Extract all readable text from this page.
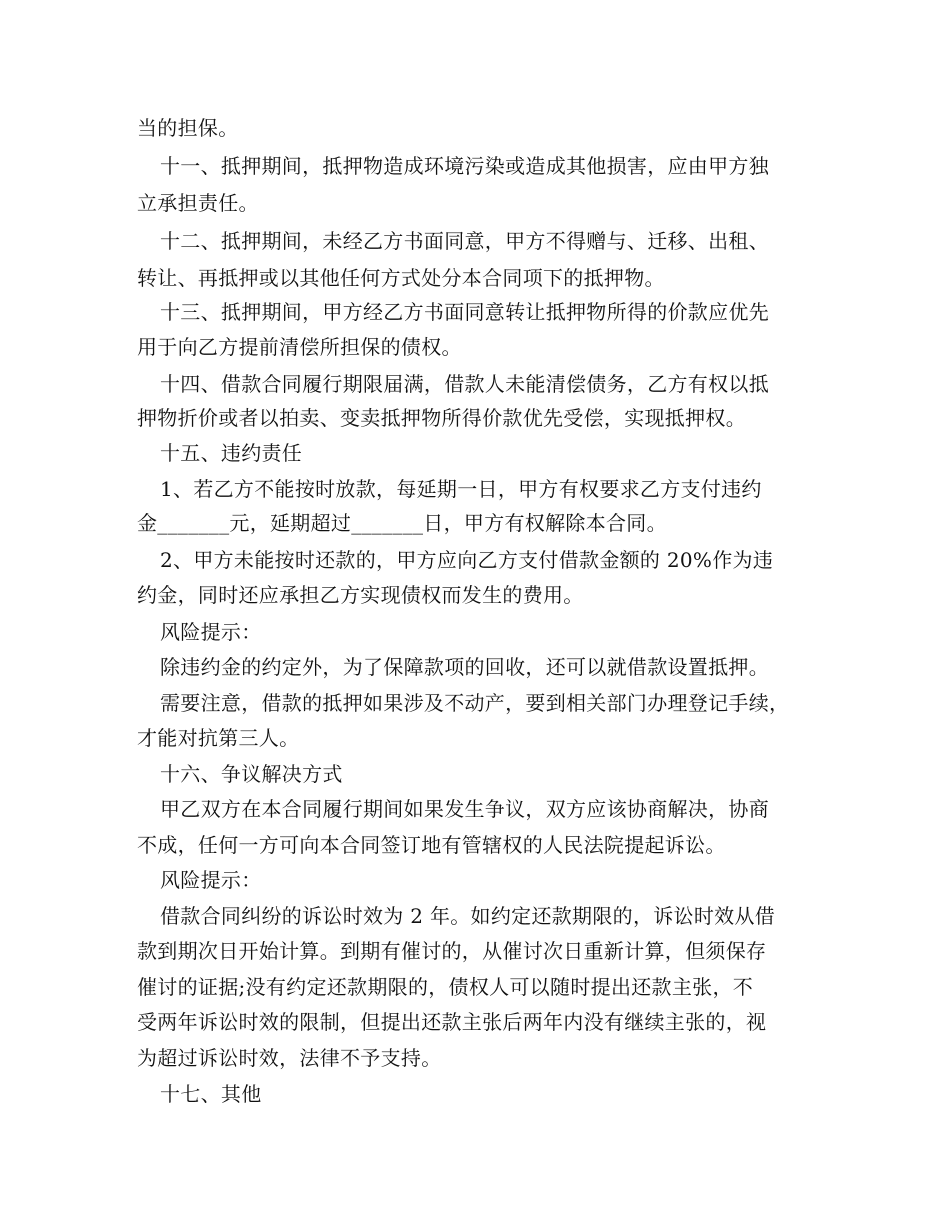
当的担保。
十一、抵押期间，抵押物造成环境污染或造成其他损害，应由甲方独
立承担责任。
十二、抵押期间，未经乙方书面同意，甲方不得赠与、迁移、出租、
转让、再抵押或以其他任何方式处分本合同项下的抵押物。
十三、抵押期间，甲方经乙方书面同意转让抵押物所得的价款应优先
用于向乙方提前清偿所担保的债权。
十四、借款合同履行期限届满，借款人未能清偿债务，乙方有权以抵
押物折价或者以拍卖、变卖抵押物所得价款优先受偿，实现抵押权。
十五、违约责任
1、若乙方不能按时放款，每延期一日，甲方有权要求乙方支付违约
金_______元，延期超过_______日，甲方有权解除本合同。
2、甲方未能按时还款的，甲方应向乙方支付借款金额的 20%作为违
约金，同时还应承担乙方实现债权而发生的费用。
风险提示：
除违约金的约定外，为了保障款项的回收，还可以就借款设置抵押。
需要注意，借款的抵押如果涉及不动产，要到相关部门办理登记手续，
才能对抗第三人。
十六、争议解决方式
甲乙双方在本合同履行期间如果发生争议，双方应该协商解决，协商
不成，任何一方可向本合同签订地有管辖权的人民法院提起诉讼。
风险提示：
借款合同纠纷的诉讼时效为 2 年。如约定还款期限的，诉讼时效从借
款到期次日开始计算。到期有催讨的，从催讨次日重新计算，但须保存
催讨的证据;没有约定还款期限的，债权人可以随时提出还款主张，不
受两年诉讼时效的限制，但提出还款主张后两年内没有继续主张的，视
为超过诉讼时效，法律不予支持。
十七、其他
